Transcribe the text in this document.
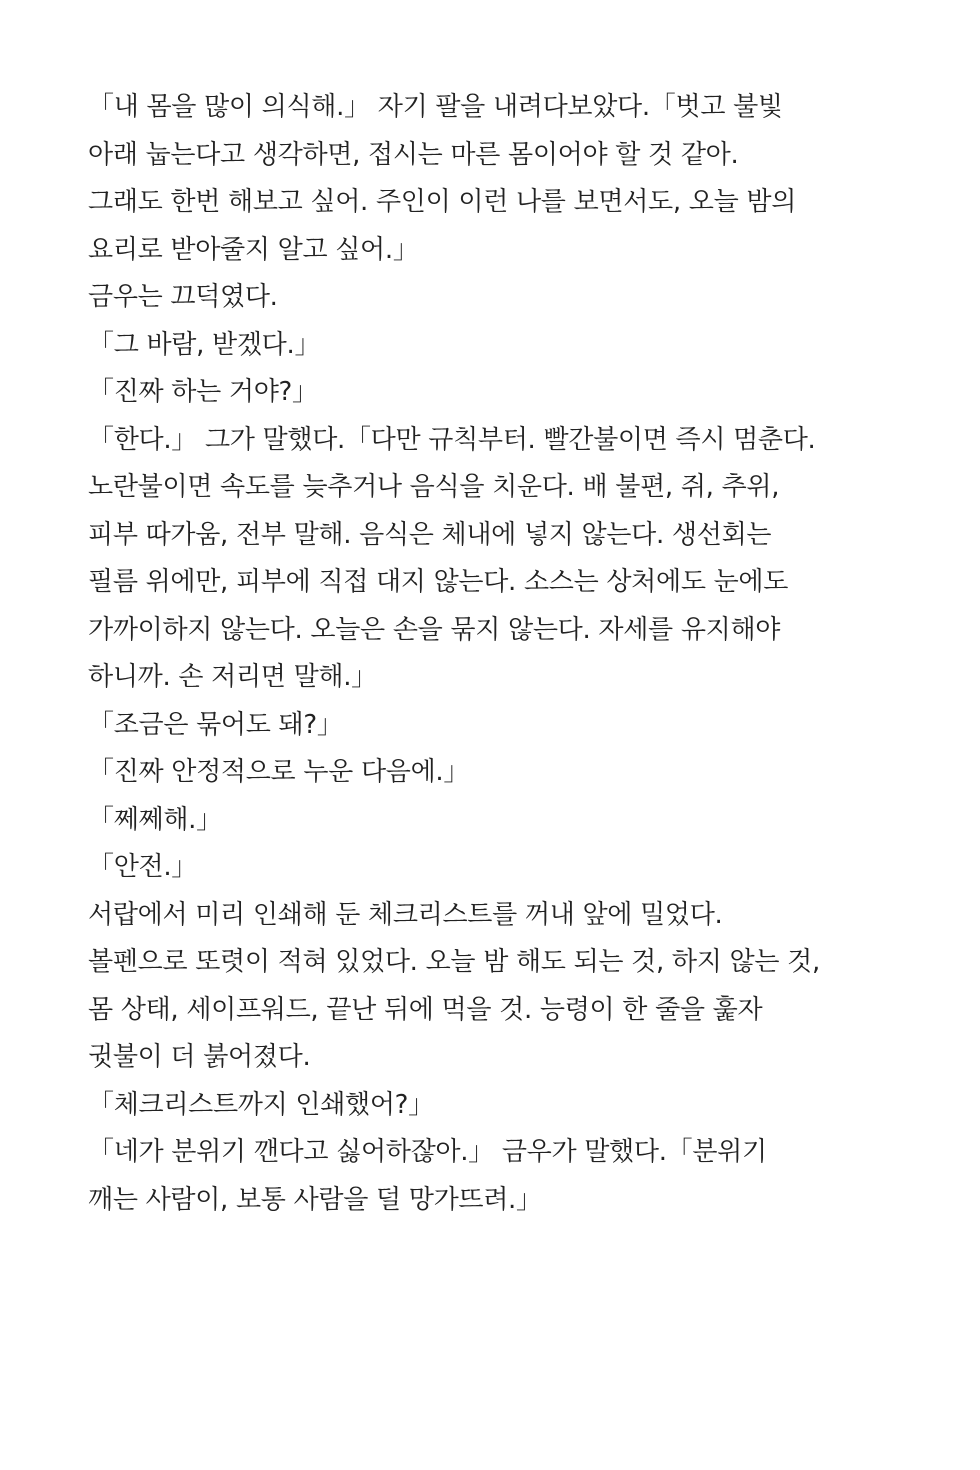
「내 몸을 많이 의식해.」 자기 팔을 내려다보았다.「벗고 불빛
아래 눕는다고 생각하면, 접시는 마른 몸이어야 할 것 같아.
그래도 한번 해보고 싶어. 주인이 이런 나를 보면서도, 오늘 밤의
요리로 받아줄지 알고 싶어.」
금우는 끄덕였다.
「그 바람, 받겠다.」
「진짜 하는 거야?」
「한다.」 그가 말했다.「다만 규칙부터. 빨간불이면 즉시 멈춘다.
노란불이면 속도를 늦추거나 음식을 치운다. 배 불편, 쥐, 추위,
피부 따가움, 전부 말해. 음식은 체내에 넣지 않는다. 생선회는
필름 위에만, 피부에 직접 대지 않는다. 소스는 상처에도 눈에도
가까이하지 않는다. 오늘은 손을 묶지 않는다. 자세를 유지해야
하니까. 손 저리면 말해.」
「조금은 묶어도 돼?」
「진짜 안정적으로 누운 다음에.」
「쩨쩨해.」
「안전.」
서랍에서 미리 인쇄해 둔 체크리스트를 꺼내 앞에 밀었다.
볼펜으로 또렷이 적혀 있었다. 오늘 밤 해도 되는 것, 하지 않는 것,
몸 상태, 세이프워드, 끝난 뒤에 먹을 것. 능령이 한 줄을 훑자
귓불이 더 붉어졌다.
「체크리스트까지 인쇄했어?」
「네가 분위기 깬다고 싫어하잖아.」 금우가 말했다.「분위기
깨는 사람이, 보통 사람을 덜 망가뜨려.」
